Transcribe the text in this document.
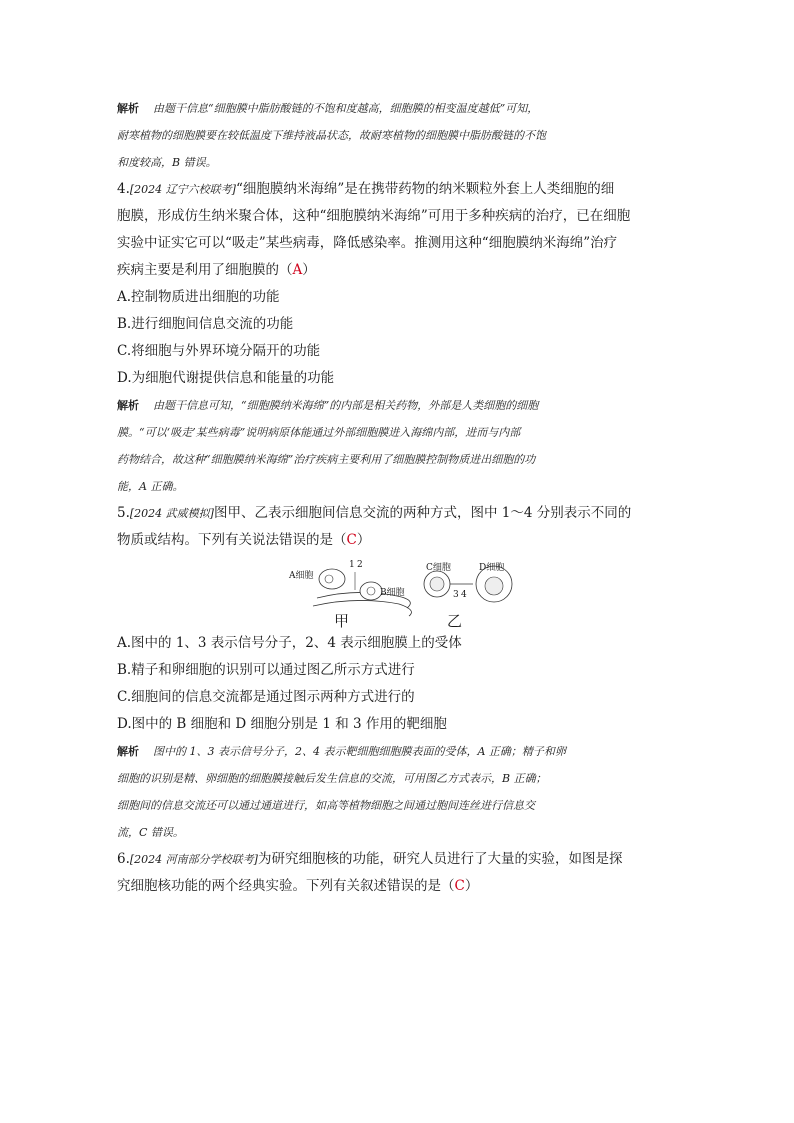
解析 由题干信息“细胞膜中脂肪酸链的不饱和度越高，细胞膜的相变温度越低”可知，
耐寒植物的细胞膜要在较低温度下维持液晶状态，故耐寒植物的细胞膜中脂肪酸链的不饱
和度较高，B 错误。

4.[2024 辽宁六校联考]“细胞膜纳米海绵”是在携带药物的纳米颗粒外套上人类细胞的细
胞膜，形成仿生纳米聚合体，这种“细胞膜纳米海绵”可用于多种疾病的治疗，已在细胞
实验中证实它可以“吸走”某些病毒，降低感染率。推测用这种“细胞膜纳米海绵”治疗
疾病主要是利用了细胞膜的（A）

A.控制物质进出细胞的功能

B.进行细胞间信息交流的功能

C.将细胞与外界环境分隔开的功能

D.为细胞代谢提供信息和能量的功能

解析 由题干信息可知，“细胞膜纳米海绵”的内部是相关药物，外部是人类细胞的细胞
膜。“可以‘吸走’某些病毒”说明病原体能通过外部细胞膜进入海绵内部，进而与内部
药物结合，故这种“细胞膜纳米海绵”治疗疾病主要利用了细胞膜控制物质进出细胞的功
能，A 正确。

5.[2024 武威模拟]图甲、乙表示细胞间信息交流的两种方式，图中 1～4 分别表示不同的
物质或结构。下列有关说法错误的是（C）

A细胞
B细胞
C细胞	D细胞
1 2
3 4
甲	乙

A.图中的 1、3 表示信号分子，2、4 表示细胞膜上的受体

B.精子和卵细胞的识别可以通过图乙所示方式进行

C.细胞间的信息交流都是通过图示两种方式进行的

D.图中的 B 细胞和 D 细胞分别是 1 和 3 作用的靶细胞

解析 图中的 1、3 表示信号分子，2、4 表示靶细胞细胞膜表面的受体，A 正确；精子和卵
细胞的识别是精、卵细胞的细胞膜接触后发生信息的交流，可用图乙方式表示，B 正确；
细胞间的信息交流还可以通过通道进行，如高等植物细胞之间通过胞间连丝进行信息交
流，C 错误。

6.[2024 河南部分学校联考]为研究细胞核的功能，研究人员进行了大量的实验，如图是探
究细胞核功能的两个经典实验。下列有关叙述错误的是（C）
